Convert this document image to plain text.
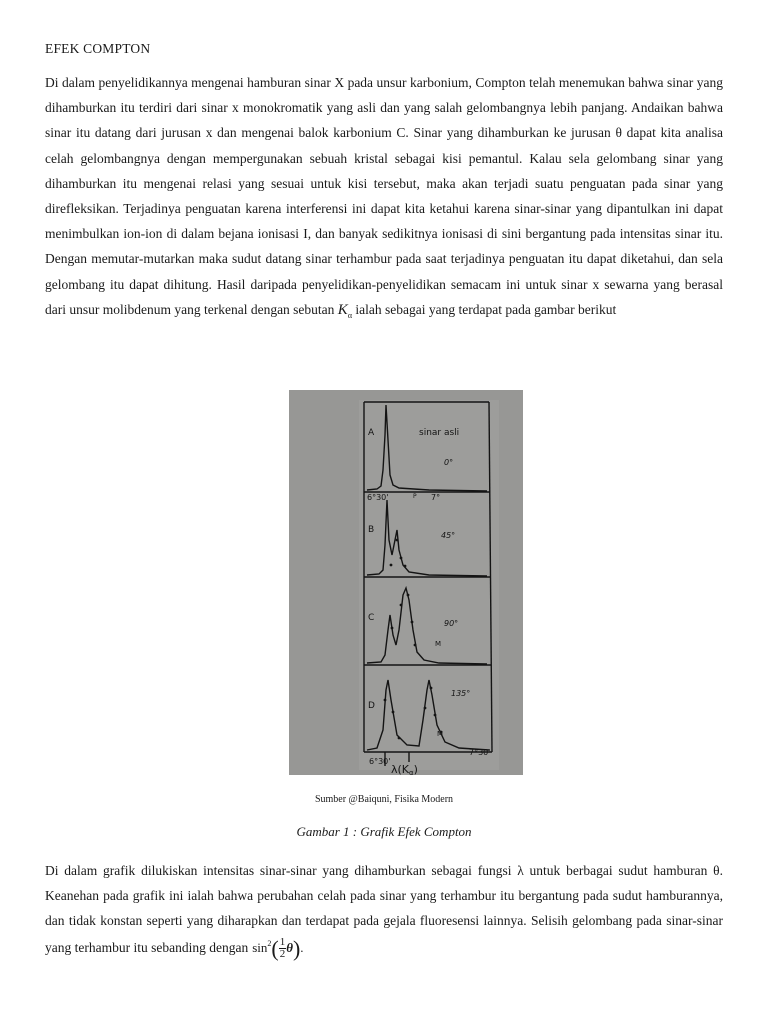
EFEK COMPTON
Di dalam penyelidikannya mengenai hamburan sinar X pada unsur karbonium, Compton telah menemukan bahwa sinar yang dihamburkan itu terdiri dari sinar x monokromatik yang asli dan yang salah gelombangnya lebih panjang. Andaikan bahwa sinar itu datang dari jurusan x dan mengenai balok karbonium C. Sinar yang dihamburkan ke jurusan θ dapat kita analisa celah gelombangnya dengan mempergunakan sebuah kristal sebagai kisi pemantul. Kalau sela gelombang sinar yang dihamburkan itu mengenai relasi yang sesuai untuk kisi tersebut, maka akan terjadi suatu penguatan pada sinar yang direfleksikan. Terjadinya penguatan karena interferensi ini dapat kita ketahui karena sinar-sinar yang dipantulkan ini dapat menimbulkan ion-ion di dalam bejana ionisasi I, dan banyak sedikitnya ionisasi di sini bergantung pada intensitas sinar itu. Dengan memutar-mutarkan maka sudut datang sinar terhambur pada saat terjadinya penguatan itu dapat diketahui, dan sela gelombang itu dapat dihitung. Hasil daripada penyelidikan-penyelidikan semacam ini untuk sinar x sewarna yang berasal dari unsur molibdenum yang terkenal dengan sebutan $K_\alpha$ ialah sebagai yang terdapat pada gambar berikut
A	sinar asli
0°
6°30'	7°
B
45°
C
90°
M
D
135°
M
P
6°30'
7°30'
λ(Kα)
Sumber @Baiquni, Fisika Modern
Gambar 1 : Grafik Efek Compton
Di dalam grafik dilukiskan intensitas sinar-sinar yang dihamburkan sebagai fungsi λ untuk berbagai sudut hamburan θ. Keanehan pada grafik ini ialah bahwa perubahan celah pada sinar yang terhambur itu bergantung pada sudut hamburannya, dan tidak konstan seperti yang diharapkan dan terdapat pada gejala fluoresensi lainnya. Selisih gelombang pada sinar-sinar yang terhambur itu sebanding dengan $\sin^2( \frac{1}{2} \theta)$.
